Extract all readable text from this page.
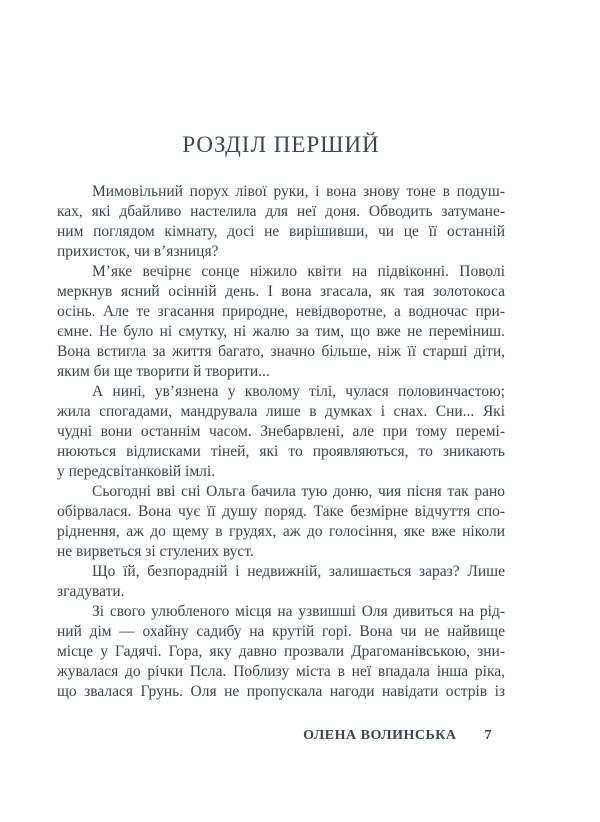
РОЗДІЛ ПЕРШИЙ
Мимовільний порух лівої руки, і вона знову тоне в подуш-
ках, які дбайливо настелила для неї доня. Обводить затумане-
ним поглядом кімнату, досі не вирішивши, чи це її останній
прихисток, чи в’язниця?
М’яке вечірнє сонце ніжило квіти на підвіконні. Поволі
меркнув ясний осінній день. І вона згасала, як тая золотокоса
осінь. Але те згасання природне, невідворотне, а водночас при-
ємне. Не було ні смутку, ні жалю за тим, що вже не переміниш.
Вона встигла за життя багато, значно більше, ніж її старші діти,
яким би ще творити й творити...
А нині, ув’язнена у кволому тілі, чулася половинчастою;
жила спогадами, мандрувала лише в думках і снах. Сни... Які
чудні вони останнім часом. Знебарвлені, але при тому перемі-
нюються відлисками тіней, які то проявляються, то зникають
у передсвітанковій імлі.
Сьогодні вві сні Ольга бачила тую доню, чия пісня так рано
обірвалася. Вона чує її душу поряд. Таке безмірне відчуття спо-
ріднення, аж до щему в грудях, аж до голосіння, яке вже ніколи
не вирветься зі стулених вуст.
Що їй, безпорадній і недвижній, залишається зараз? Лише
згадувати.
Зі свого улюбленого місця на узвишші Оля дивиться на рід-
ний дім — охайну садибу на крутій горі. Вона чи не найвище
місце у Гадячі. Гора, яку давно прозвали Драгоманівською, зни-
жувалася до річки Псла. Поблизу міста в неї впадала інша ріка,
що звалася Грунь. Оля не пропускала нагоди навідати острів із
ОЛЕНА ВОЛИНСЬКА 7
